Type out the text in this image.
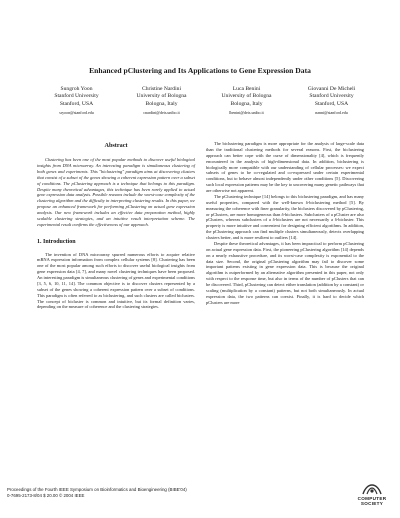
Enhanced pClustering and Its Applications to Gene Expression Data
Sungroh Yoon
Stanford University
Stanford, USA
sryoon@stanford.edu
Christine Nardini
University of Bologna
Bologna, Italy
cnardini@deis.unibo.it
Luca Benini
University of Bologna
Bologna, Italy
lbenini@deis.unibo.it
Giovanni De Micheli
Stanford University
Stanford, USA
nanni@stanford.edu
Abstract

Clustering has been one of the most popular methods to discover useful biological insights from DNA microarray. An interesting paradigm is simultaneous clustering of both genes and experiments. This "biclustering" paradigm aims at discovering clusters that consist of a subset of the genes showing a coherent expression pattern over a subset of conditions. The pClustering approach is a technique that belongs to this paradigm. Despite many theoretical advantages, this technique has been rarely applied to actual gene expression data analysis. Possible reasons include the worst-case complexity of the clustering algorithm and the difficulty in interpreting clustering results. In this paper, we propose an enhanced framework for performing pClustering on actual gene expression analysis. Our new framework includes an effective data preparation method, highly scalable clustering strategies, and an intuitive result interpretation scheme. The experimental result confirms the effectiveness of our approach.

1. Introduction

The invention of DNA microarray spurred numerous efforts to acquire relative mRNA expression information from complex cellular systems [8]. Clustering has been one of the most popular among such efforts to discover useful biological insights from gene expression data [4, 7], and many novel clustering techniques have been proposed. An interesting paradigm is simultaneous clustering of genes and experimental conditions [3, 5, 6, 10, 11, 14]. The common objective is to discover clusters represented by a subset of the genes showing a coherent expression pattern over a subset of conditions. This paradigm is often referred to as biclustering, and such clusters are called biclusters. The concept of bicluster is common and intuitive, but its formal definition varies, depending on the measure of coherence and the clustering strategies.

The biclustering paradigm is more appropriate for the analysis of large-scale data than the traditional clustering methods for several reasons. First, the biclustering approach can better cope with the curse of dimensionality [4], which is frequently encountered in the analysis of high-dimensional data. In addition, biclustering is biologically more compatible with our understanding of cellular processes: we expect subsets of genes to be co-regulated and co-expressed under certain experimental conditions, but to behave almost independently under other conditions [5]. Discovering such local expression patterns may be the key to uncovering many genetic pathways that are otherwise not apparent.

The pClustering technique [14] belongs to this biclustering paradigm, and has many useful properties, compared with the well-known δ-biclustering method [5]. By measuring the coherence with finer granularity, the biclusters discovered by pClustering, or pClusters, are more homogeneous than δ-biclusters. Subclusters of a pCluster are also pClusters, whereas subclusters of a δ-biclusters are not necessarily a δ-bicluster. This property is more intuitive and convenient for designing efficient algorithms. In addition, the pClustering approach can find multiple clusters simultaneously, detects overlapping clusters better, and is more resilient to outliers [14].

Despite these theoretical advantages, it has been impractical to perform pClustering on actual gene expression data. First, the pioneering pClustering algorithm [14] depends on a nearly exhaustive procedure, and its worst-case complexity is exponential to the data size. Second, the original pClustering algorithm may fail to discover some important patterns existing in gene expression data. This is because the original algorithm is outperformed by an alternative algorithm presented in this paper, not only with respect to the response time, but also in terms of the number of pClusters that can be discovered. Third, pClustering can detect either translation (addition by a constant) or scaling (multiplication by a constant) patterns, but not both simultaneously. In actual expression data, the two patterns can coexist. Finally, it is hard to decide which pClusters are more

Proceedings of the Fourth IEEE Symposium on Bioinformatics and Bioengineering (BIBE'04)
0-7695-2173-8/04 $ 20.00 © 2004 IEEE
COMPUTER
SOCIETY
